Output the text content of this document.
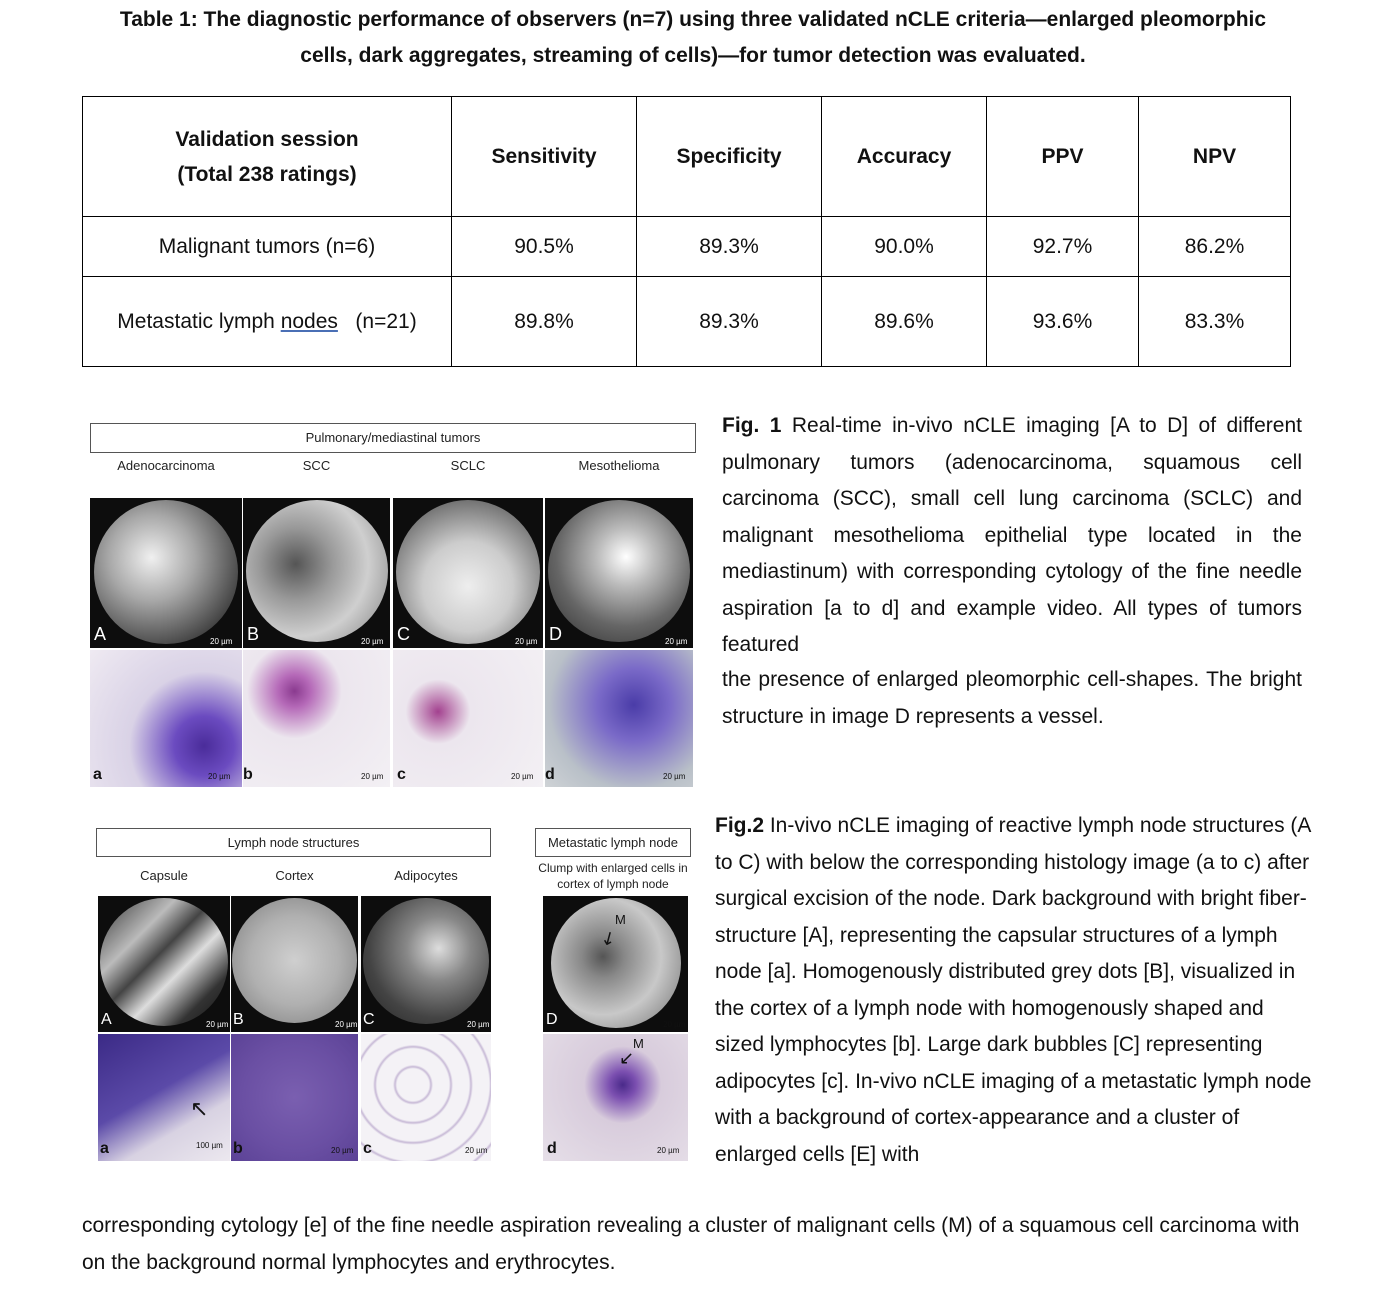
Table 1: The diagnostic performance of observers (n=7) using three validated nCLE criteria—enlarged pleomorphic cells, dark aggregates, streaming of cells)—for tumor detection was evaluated.
Validation session
(Total 238 ratings)	Sensitivity	Specificity	Accuracy	PPV	NPV
Malignant tumors (n=6)	90.5%	89.3%	90.0%	92.7%	86.2%
Metastatic lymph nodes   (n=21)	89.8%	89.3%	89.6%	93.6%	83.3%
Pulmonary/mediastinal tumors
Adenocarcinoma	SCC	SCLC	Mesothelioma
A	20 µm B	20 µm C	20 µm D	20 µm
a	20 µm b	20 µm c	20 µm d	20 µm
Fig. 1 Real-time in-vivo nCLE imaging [A to D] of different pulmonary tumors (adenocarcinoma, squamous cell carcinoma (SCC), small cell lung carcinoma (SCLC) and malignant mesothelioma epithelial type located in the mediastinum) with corresponding cytology of the fine needle aspiration [a to d] and example video. All types of tumors featured
the presence of enlarged pleomorphic cell-shapes. The bright structure in image D represents a vessel.
Lymph node structures	Metastatic lymph node
Capsule	Cortex	Adipocytes	Clump with enlarged cells in
cortex of lymph node
A	20 µm B	20 µm C	20 µm	D	20 µm
M
↙
a	100 µm
↖
b	20 µm c	20 µm	d	20 µm
M
↙
Fig.2 In-vivo nCLE imaging of reactive lymph node structures (A to C) with below the corresponding histology image (a to c) after surgical excision of the node. Dark background with bright fiber-structure [A], representing the capsular structures of a lymph node [a]. Homogenously distributed grey dots [B], visualized in the cortex of a lymph node with homogenously shaped and sized lymphocytes [b]. Large dark bubbles [C] representing adipocytes [c]. In-vivo nCLE imaging of a metastatic lymph node with a background of cortex-appearance and a cluster of enlarged cells [E] with
corresponding cytology [e] of the fine needle aspiration revealing a cluster of malignant cells (M) of a squamous cell carcinoma with on the background normal lymphocytes and erythrocytes.
